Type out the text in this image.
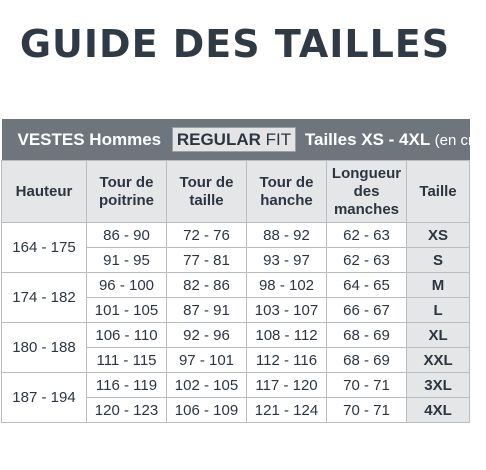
GUIDE DES TAILLES
VESTES Hommes REGULAR FIT Tailles XS - 4XL (en cm)					
Hauteur	Tour de poitrine	Tour de taille	Tour de hanche	Longueur des manches	Taille
164 - 175	86 - 90	72 - 76	88 - 92	62 - 63	XS
	91 - 95	77 - 81	93 - 97	62 - 63	S
174 - 182	96 - 100	82 - 86	98 - 102	64 - 65	M
	101 - 105	87 - 91	103 - 107	66 - 67	L
180 - 188	106 - 110	92 - 96	108 - 112	68 - 69	XL
	111 - 115	97 - 101	112 - 116	68 - 69	XXL
187 - 194	116 - 119	102 - 105	117 - 120	70 - 71	3XL
	120 - 123	106 - 109	121 - 124	70 - 71	4XL
